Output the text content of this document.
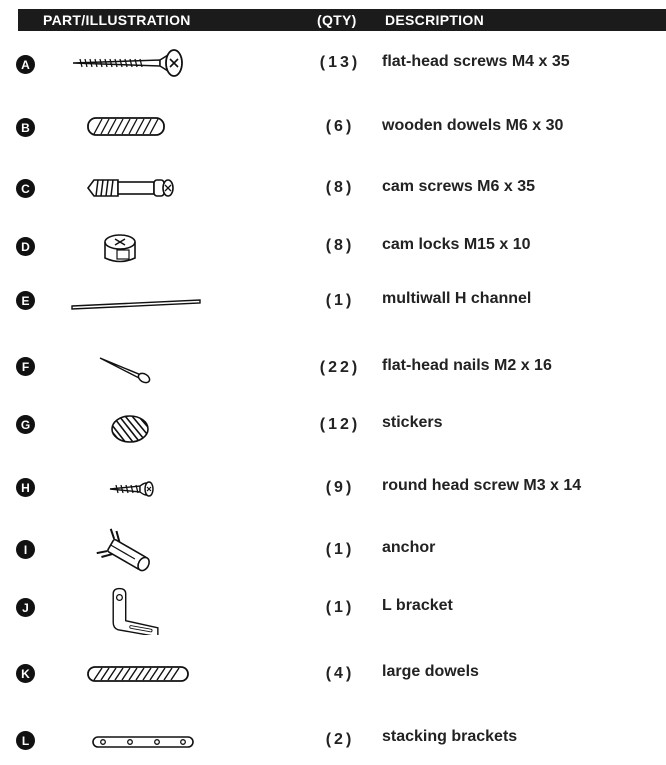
PART/ILLUSTRATION	(QTY) DESCRIPTION
A	(13)	flat-head screws M4 x 35
B	(6)	wooden dowels M6 x 30
C	(8)	cam screws M6 x 35
D	(8)	cam locks M15 x 10
E	(1)	multiwall H channel
F	(22)	flat-head nails M2 x 16
G	(12)	stickers
H	(9)	round head screw M3 x 14
I	(1)	anchor
J	(1)	L bracket
K	(4)	large dowels
L	(2)	stacking brackets
